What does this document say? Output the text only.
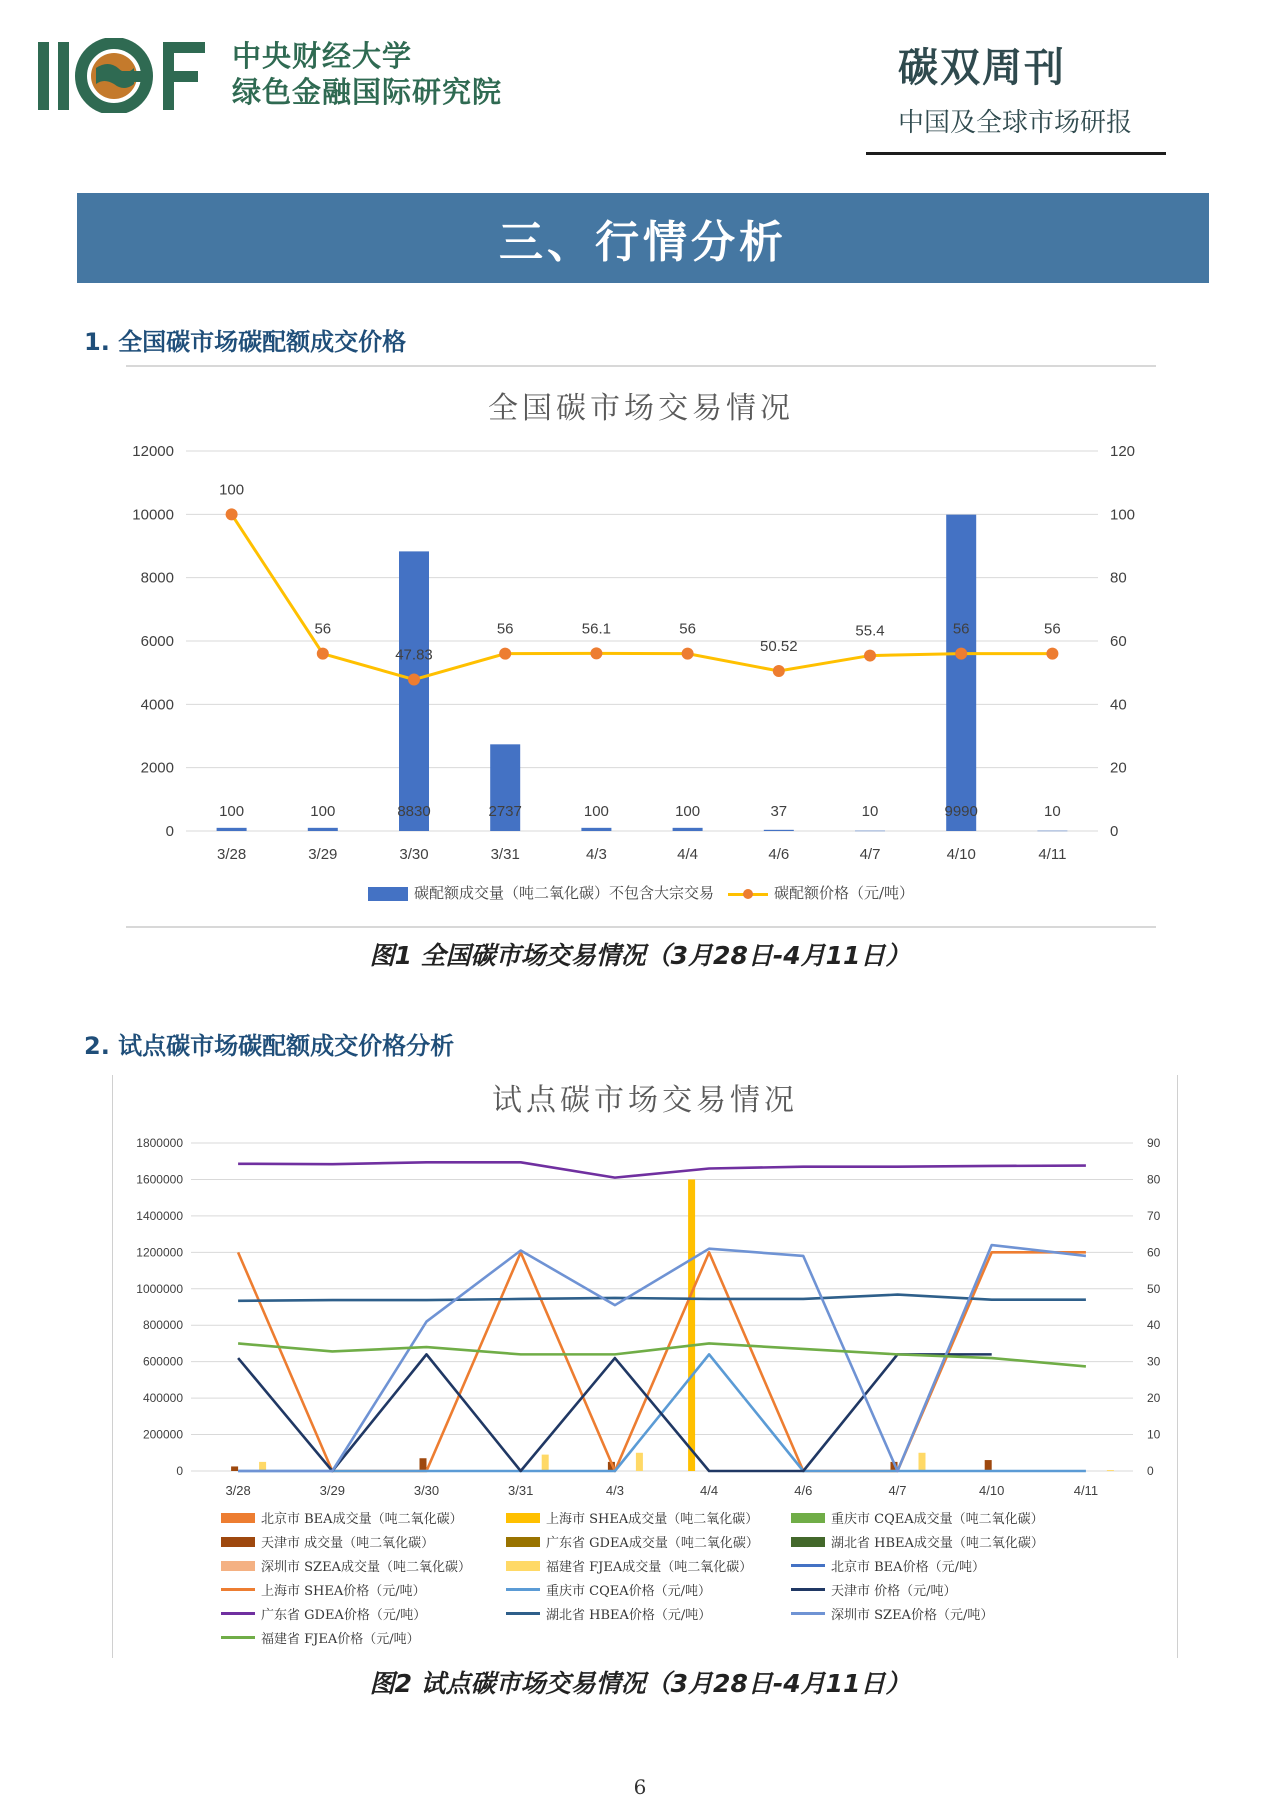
中央财经大学
绿色金融国际研究院
碳双周刊
中国及全球市场研报
三、行情分析
1. 全国碳市场碳配额成交价格
全国碳市场交易情况
0
2000
4000
6000
8000
10000
12000
0
20
40
60
80
100
120
3/28	3/29	3/30	3/31	4/3	4/4	4/6	4/7	4/10	4/11
100	100	8830	2737	100	100	37	10	9990	10
100
56
47.83
56	56.1	56
50.52
55.4	56	56
碳配额成交量（吨二氧化碳）不包含大宗交易	碳配额价格（元/吨）
图1 全国碳市场交易情况（3月28日-4月11日）
2. 试点碳市场碳配额成交价格分析
试点碳市场交易情况
0
200000
400000
600000
800000
1000000
1200000
1400000
1600000
1800000
0
10
20
30
40
50
60
70
80
90
3/28	3/29	3/30	3/31	4/3	4/4	4/6	4/7	4/10	4/11
北京市 BEA成交量（吨二氧化碳）	上海市 SHEA成交量（吨二氧化碳）	重庆市 CQEA成交量（吨二氧化碳）
天津市 成交量（吨二氧化碳）	广东省 GDEA成交量（吨二氧化碳）	湖北省 HBEA成交量（吨二氧化碳）
深圳市 SZEA成交量（吨二氧化碳）	福建省 FJEA成交量（吨二氧化碳）	北京市 BEA价格（元/吨）
上海市 SHEA价格（元/吨）	重庆市 CQEA价格（元/吨）	天津市 价格（元/吨）
广东省 GDEA价格（元/吨）	湖北省 HBEA价格（元/吨）	深圳市 SZEA价格（元/吨）
福建省 FJEA价格（元/吨）
图2 试点碳市场交易情况（3月28日-4月11日）
6
